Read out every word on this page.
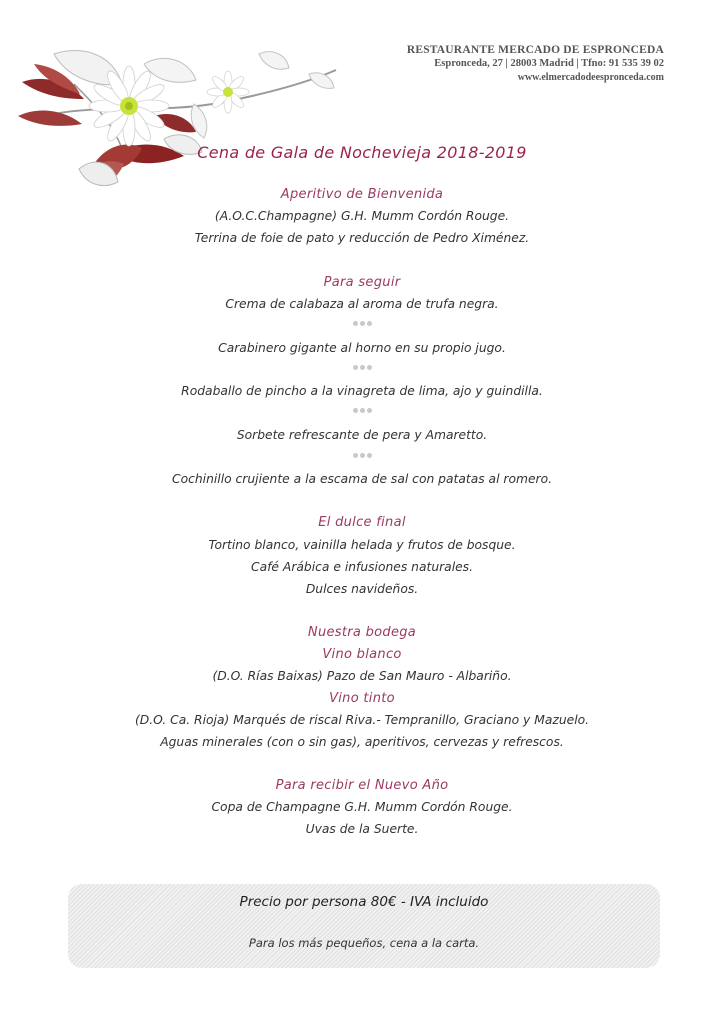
RESTAURANTE MERCADO DE ESPRONCEDA
Espronceda, 27 | 28003 Madrid | Tfno: 91 535 39 02
www.elmercadodeespronceda.com
Cena de Gala de Nochevieja 2018-2019
Aperitivo de Bienvenida
(A.O.C.Champagne) G.H. Mumm Cordón Rouge.
Terrina de foie de pato y reducción de Pedro Ximénez.
Para seguir
Crema de calabaza al aroma de trufa negra.
Carabinero gigante al horno en su propio jugo.
Rodaballo de pincho a la vinagreta de lima, ajo y guindilla.
Sorbete refrescante de pera y Amaretto.
Cochinillo crujiente a la escama de sal con patatas al romero.
El dulce final
Tortino blanco, vainilla helada y frutos de bosque.
Café Arábica e infusiones naturales.
Dulces navideños.
Nuestra bodega
Vino blanco
(D.O. Rías Baixas) Pazo de San Mauro - Albariño.
Vino tinto
(D.O. Ca. Rioja) Marqués de riscal Riva.- Tempranillo, Graciano y Mazuelo.
Aguas minerales (con o sin gas), aperitivos, cervezas y refrescos.
Para recibir el Nuevo Año
Copa de Champagne G.H. Mumm Cordón Rouge.
Uvas de la Suerte.
Precio por persona 80€ - IVA incluido
Para los más pequeños, cena a la carta.
